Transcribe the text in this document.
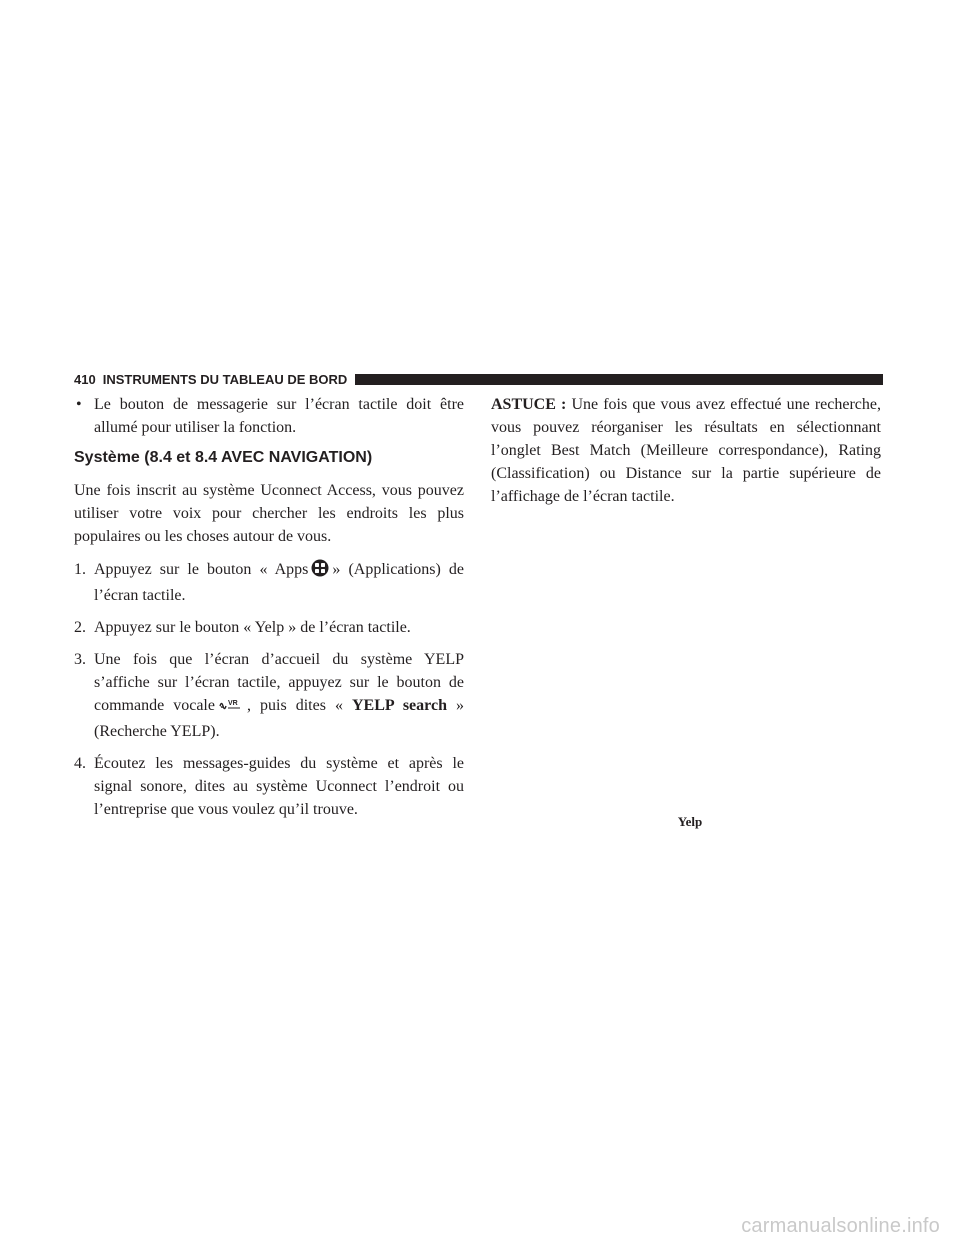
410 INSTRUMENTS DU TABLEAU DE BORD
• Le bouton de messagerie sur l’écran tactile doit être allumé pour utiliser la fonction.
Système (8.4 et 8.4 AVEC NAVIGATION)

Une fois inscrit au système Uconnect Access, vous pouvez utiliser votre voix pour chercher les endroits les plus populaires ou les choses autour de vous.

1. Appuyez sur le bouton « Apps » (Applications) de l’écran tactile.
2. Appuyez sur le bouton « Yelp » de l’écran tactile.
3. Une fois que l’écran d’accueil du système YELP s’affiche sur l’écran tactile, appuyez sur le bouton de commande vocale VR , puis dites « YELP search » (Recherche YELP).
4. Écoutez les messages-guides du système et après le signal sonore, dites au système Uconnect l’endroit ou l’entreprise que vous voulez qu’il trouve.

ASTUCE : Une fois que vous avez effectué une recherche, vous pouvez réorganiser les résultats en sélectionnant l’onglet Best Match (Meilleure correspondance), Rating (Classification) ou Distance sur la partie supérieure de l’affichage de l’écran tactile.

Yelp
carmanualsonline.info
